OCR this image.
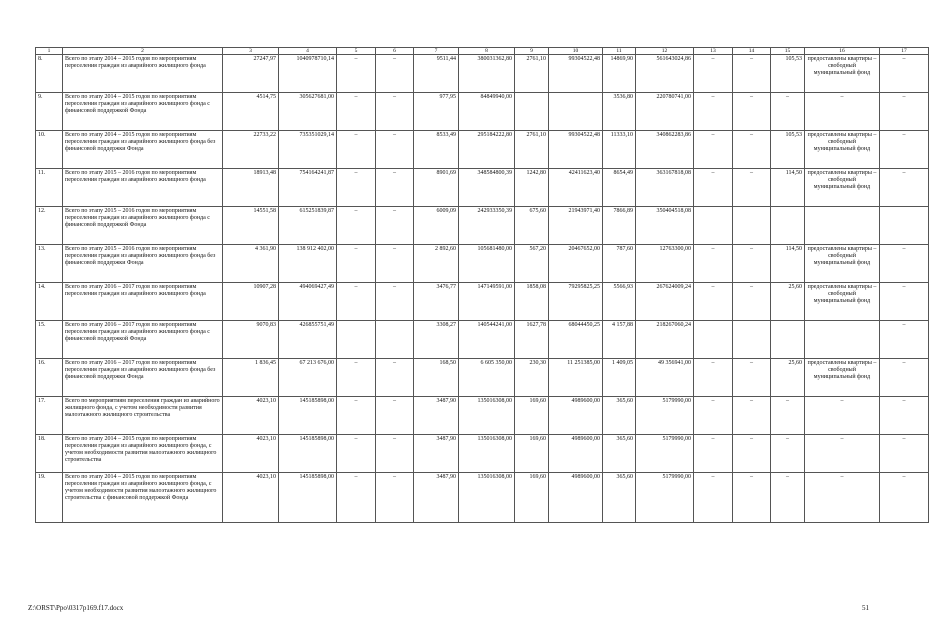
1	2	3	4	5	6	7	8	9	10	11	12	13	14	15	16	17
8.	Всего по этапу 2014 – 2015 годов по мероприятиям переселения граждан из аварийного жилищного фонда	27247,97	1040978710,14	–	–	9511,44	380031362,80	2761,10	99304522,48	14869,90	561643024,86	–	–	105,53	предоставлены квартиры – свободный муниципальный фонд	–
9.	Всего по этапу 2014 – 2015 годов по мероприятиям переселения граждан из аварийного жилищного фонда с финансовой поддержкой Фонда	4514,75	305627681,00	–	–	977,95	84849940,00			3536,80	220780741,00	–	–	–	–	–
10.	Всего по этапу 2014 – 2015 годов по мероприятиям переселения граждан из аварийного жилищного фонда без финансовой поддержки Фонда	22733,22	735351029,14	–	–	8533,49	295184222,80	2761,10	99304522,48	11333,10	340862283,86	–	–	105,53	предоставлены квартиры – свободный муниципальный фонд	–
11.	Всего по этапу 2015 – 2016 годов по мероприятиям переселения граждан из аварийного жилищного фонда	18913,48	754164241,87	–	–	8901,69	348584800,39	1242,80	42411623,40	8654,49	363167818,08	–	–	114,50	предоставлены квартиры – свободный муниципальный фонд	–
12.	Всего по этапу 2015 – 2016 годов по мероприятиям переселения граждан из аварийного жилищного фонда с финансовой поддержкой Фонда	14551,58	615251839,87	–	–	6009,09	242933350,39	675,60	21943971,40	7866,89	350404518,08					
13.	Всего по этапу 2015 – 2016 годов по мероприятиям переселения граждан из аварийного жилищного фонда без финансовой поддержки Фонда	4 361,90	138 912 402,00	–	–	2 892,60	105681480,00	567,20	20467652,00	787,60	12763300,00	–	–	114,50	предоставлены квартиры – свободный муниципальный фонд	–
14.	Всего по этапу 2016 – 2017 годов по мероприятиям переселения граждан из аварийного жилищного фонда	10907,28	494069427,49	–	–	3476,77	147149591,00	1858,08	79295825,25	5566,93	267624009,24	–	–	25,60	предоставлены квартиры – свободный муниципальный фонд	–
15.	Всего по этапу 2016 – 2017 годов по мероприятиям переселения граждан из аварийного жилищного фонда с финансовой поддержкой Фонда	9070,83	426855751,49			3308,27	140544241,00	1627,78	68044450,25	4 157,88	218267060,24					–
16.	Всего по этапу 2016 – 2017 годов по мероприятиям переселения граждан из аварийного жилищного фонда без финансовой поддержки Фонда	1 836,45	67 213 676,00	–	–	168,50	6 605 350,00	230,30	11 251385,00	1 409,05	49 356941,00	–	–	25,60	предоставлены квартиры – свободный муниципальный фонд	–
17.	Всего по мероприятиям переселения граждан из аварийного жилищного фонда, с учетом необходимости развития малоэтажного жилищного строительства	4023,10	145185898,00	–	–	3487,90	135016308,00	169,60	4989600,00	365,60	5179990,00	–	–	–	–	–
18.	Всего по этапу 2014 – 2015 годов по мероприятиям переселения граждан из аварийного жилищного фонда, с учетом необходимости развития малоэтажного жилищного строительства	4023,10	145185898,00	–	–	3487,90	135016308,00	169,60	4989600,00	365,60	5179990,00	–	–	–	–	–
19.	Всего по этапу 2014 – 2015 годов по мероприятиям переселения граждан из аварийного жилищного фонда, с учетом необходимости развития малоэтажного жилищного строительства с финансовой поддержкой Фонда	4023,10	145185898,00	–	–	3487,90	135016308,00	169,60	4989600,00	365,60	5179990,00	–	–	–	–	–
Z:\ORST\Ppo\0317p169.f17.docx	51
